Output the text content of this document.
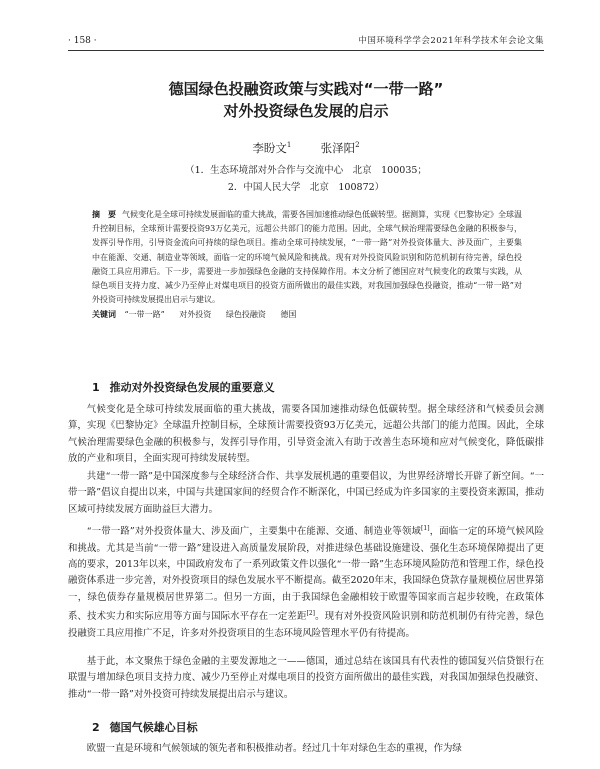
· 158 ·	中国环境科学学会2021年科学技术年会论文集
德国绿色投融资政策与实践对“一带一路”
对外投资绿色发展的启示
李盼文$^1$	张泽阳$^2$
（1．生态环境部对外合作与交流中心　北京　100035；
2．中国人民大学　北京　100872）
摘　要 气候变化是全球可持续发展面临的重大挑战，需要各国加速推动绿色低碳转型。据测算，实现《巴黎协定》全球温升控制目标，全球预计需要投资93万亿美元，远超公共部门的能力范围。因此，全球气候治理需要绿色金融的积极参与，发挥引导作用，引导资金流向可持续的绿色项目。推动全球可持续发展，“一带一路”对外投资体量大、涉及面广，主要集中在能源、交通、制造业等领域，面临一定的环境气候风险和挑战。现有对外投资风险识别和防范机制有待完善，绿色投融资工具应用滞后。下一步，需要进一步加强绿色金融的支持保障作用。本文分析了德国应对气候变化的政策与实践，从绿色项目支持力度、减少乃至停止对煤电项目的投资方面所做出的最佳实践，对我国加强绿色投融资，推动“一带一路”对外投资可持续发展提出启示与建议。
关键词 “一带一路” 对外投资 绿色投融资 德国
1 推动对外投资绿色发展的重要意义
气候变化是全球可持续发展面临的重大挑战，需要各国加速推动绿色低碳转型。据全球经济和气候委员会测算，实现《巴黎协定》全球温升控制目标，全球预计需要投资93万亿美元，远超公共部门的能力范围。因此，全球气候治理需要绿色金融的积极参与，发挥引导作用，引导资金流入有助于改善生态环境和应对气候变化，降低碳排放的产业和项目，全面实现可持续发展转型。
共建“一带一路”是中国深度参与全球经济合作、共享发展机遇的重要倡议，为世界经济增长开辟了新空间。“一带一路”倡议自提出以来，中国与共建国家间的经贸合作不断深化，中国已经成为许多国家的主要投资来源国，推动区域可持续发展方面助益巨大潜力。
“一带一路”对外投资体量大、涉及面广，主要集中在能源、交通、制造业等领域[1]，面临一定的环境气候风险和挑战。尤其是当前“一带一路”建设进入高质量发展阶段，对推进绿色基础设施建设、强化生态环境保障提出了更高的要求，2013年以来，中国政府发布了一系列政策文件以强化“一带一路”生态环境风险防范和管理工作，绿色投融资体系进一步完善，对外投资项目的绿色发展水平不断提高。截至2020年末，我国绿色贷款存量规模位居世界第一，绿色债券存量规模居世界第二。但另一方面，由于我国绿色金融相较于欧盟等国家而言起步较晚，在政策体系、技术实力和实际应用等方面与国际水平存在一定差距[2]。现有对外投资风险识别和防范机制仍有待完善，绿色投融资工具应用推广不足，许多对外投资项目的生态环境风险管理水平仍有待提高。
基于此，本文聚焦于绿色金融的主要发源地之一——德国，通过总结在该国具有代表性的德国复兴信贷银行在联盟与增加绿色项目支持力度、减少乃至停止对煤电项目的投资方面所做出的最佳实践，对我国加强绿色投融资、推动“一带一路”对外投资可持续发展提出启示与建议。
2 德国气候雄心目标
欧盟一直是环境和气候领域的领先者和积极推动者。经过几十年对绿色生态的重视，作为绿
